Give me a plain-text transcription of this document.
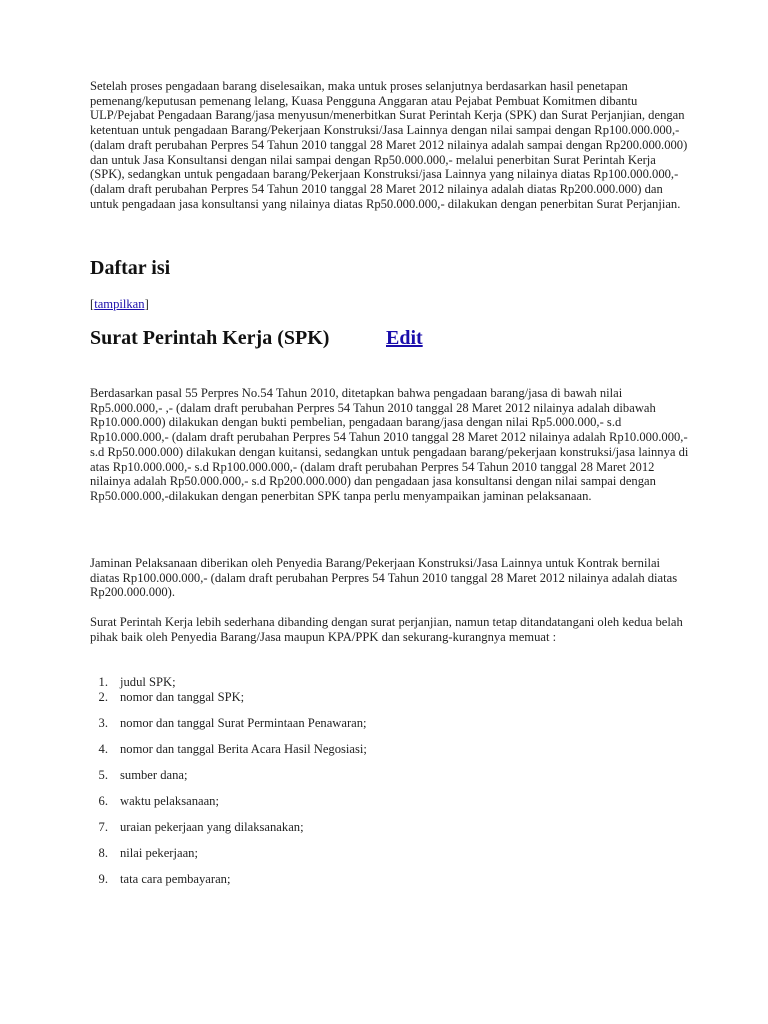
Setelah proses pengadaan barang diselesaikan, maka untuk proses selanjutnya berdasarkan hasil penetapan pemenang/keputusan pemenang lelang, Kuasa Pengguna Anggaran atau Pejabat Pembuat Komitmen dibantu ULP/Pejabat Pengadaan Barang/jasa menyusun/menerbitkan Surat Perintah Kerja (SPK) dan Surat Perjanjian, dengan ketentuan untuk pengadaan Barang/Pekerjaan Konstruksi/Jasa Lainnya dengan nilai sampai dengan Rp100.000.000,- (dalam draft perubahan Perpres 54 Tahun 2010 tanggal 28 Maret 2012 nilainya adalah sampai dengan Rp200.000.000) dan untuk Jasa Konsultansi dengan nilai sampai dengan Rp50.000.000,- melalui penerbitan Surat Perintah Kerja (SPK), sedangkan untuk pengadaan barang/Pekerjaan Konstruksi/jasa Lainnya yang nilainya diatas Rp100.000.000,- (dalam draft perubahan Perpres 54 Tahun 2010 tanggal 28 Maret 2012 nilainya adalah diatas Rp200.000.000) dan untuk pengadaan jasa konsultansi yang nilainya diatas Rp50.000.000,- dilakukan dengan penerbitan Surat Perjanjian.

Daftar isi

[tampilkan]

Surat Perintah Kerja (SPK)	Edit

Berdasarkan pasal 55 Perpres No.54 Tahun 2010, ditetapkan bahwa pengadaan barang/jasa di bawah nilai Rp5.000.000,- ,- (dalam draft perubahan Perpres 54 Tahun 2010 tanggal 28 Maret 2012 nilainya adalah dibawah Rp10.000.000) dilakukan dengan bukti pembelian, pengadaan barang/jasa dengan nilai Rp5.000.000,- s.d Rp10.000.000,- (dalam draft perubahan Perpres 54 Tahun 2010 tanggal 28 Maret 2012 nilainya adalah Rp10.000.000,- s.d Rp50.000.000) dilakukan dengan kuitansi, sedangkan untuk pengadaan barang/pekerjaan konstruksi/jasa lainnya di atas Rp10.000.000,- s.d Rp100.000.000,- (dalam draft perubahan Perpres 54 Tahun 2010 tanggal 28 Maret 2012 nilainya adalah Rp50.000.000,- s.d Rp200.000.000) dan pengadaan jasa konsultansi dengan nilai sampai dengan Rp50.000.000,-dilakukan dengan penerbitan SPK tanpa perlu menyampaikan jaminan pelaksanaan.

Jaminan Pelaksanaan diberikan oleh Penyedia Barang/Pekerjaan Konstruksi/Jasa Lainnya untuk Kontrak bernilai diatas Rp100.000.000,- (dalam draft perubahan Perpres 54 Tahun 2010 tanggal 28 Maret 2012 nilainya adalah diatas Rp200.000.000).

Surat Perintah Kerja lebih sederhana dibanding dengan surat perjanjian, namun tetap ditandatangani oleh kedua belah pihak baik oleh Penyedia Barang/Jasa maupun KPA/PPK dan sekurang-kurangnya memuat :

1. judul SPK;
2. nomor dan tanggal SPK;
3. nomor dan tanggal Surat Permintaan Penawaran;
4. nomor dan tanggal Berita Acara Hasil Negosiasi;
5. sumber dana;
6. waktu pelaksanaan;
7. uraian pekerjaan yang dilaksanakan;
8. nilai pekerjaan;
9. tata cara pembayaran;
